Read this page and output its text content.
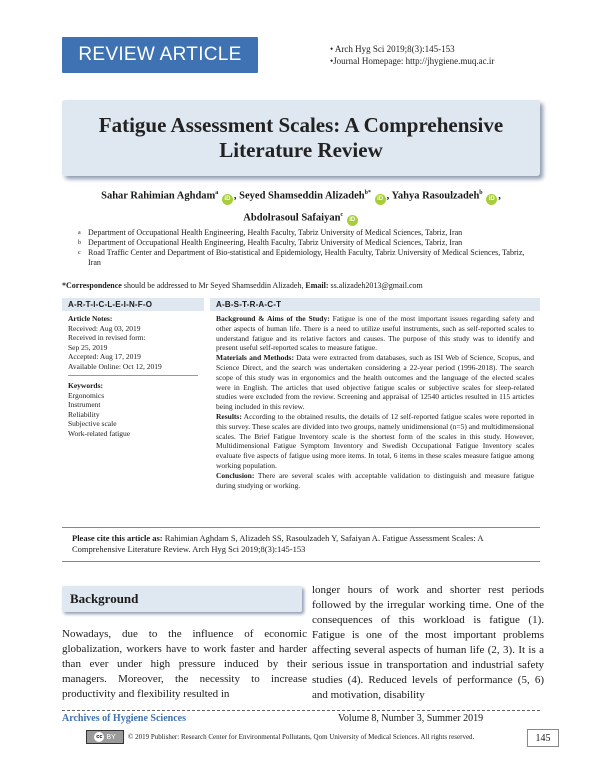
REVIEW ARTICLE	• Arch Hyg Sci 2019;8(3):145-153
•Journal Homepage: http://jhygiene.muq.ac.ir
Fatigue Assessment Scales: A Comprehensive Literature Review
Sahar Rahimian Aghdam$^a$ iD , Seyed Shamseddin Alizadeh$^{b*}$ iD , Yahya Rasoulzadeh$^b$ iD ,
Abdolrasoul Safaiyan$^c$ iD
a Department of Occupational Health Engineering, Health Faculty, Tabriz University of Medical Sciences, Tabriz, Iran
b Department of Occupational Health Engineering, Health Faculty, Tabriz University of Medical Sciences, Tabriz, Iran
c Road Traffic Center and Department of Bio-statistical and Epidemiology, Health Faculty, Tabriz University of Medical Sciences, Tabriz, Iran
*Correspondence should be addressed to Mr Seyed Shamseddin Alizadeh, Email: ss.alizadeh2013@gmail.com
A-R-T-I-C-L-E-I-N-F-O
Article Notes:
Received: Aug 03, 2019
Received in revised form:
Sep 25, 2019
Accepted: Aug 17, 2019
Available Online: Oct 12, 2019
Keywords:
Ergonomics
Instrument
Reliability
Subjective scale
Work-related fatigue
A-B-S-T-R-A-C-T

Background & Aims of the Study: Fatigue is one of the most important issues regarding safety and other aspects of human life. There is a need to utilize useful instruments, such as self-reported scales to understand fatigue and its relative factors and causes. The purpose of this study was to identify and present useful self-reported scales to measure fatigue.

Materials and Methods: Data were extracted from databases, such as ISI Web of Science, Scopus, and Science Direct, and the search was undertaken considering a 22-year period (1996-2018). The search scope of this study was in ergonomics and the health outcomes and the language of the elected scales were in English. The articles that used objective fatigue scales or subjective scales for sleep-related studies were excluded from the review. Screening and appraisal of 12540 articles resulted in 115 articles being included in this review.

Results: According to the obtained results, the details of 12 self-reported fatigue scales were reported in this survey. These scales are divided into two groups, namely unidimensional (n=5) and multidimensional scales. The Brief Fatigue Inventory scale is the shortest form of the scales in this study. However, Multidimensional Fatigue Symptom Inventory and Swedish Occupational Fatigue Inventory scales evaluate five aspects of fatigue using more items. In total, 6 items in these scales measure fatigue among working population.

Conclusion: There are several scales with acceptable validation to distinguish and measure fatigue during studying or working.

Please cite this article as: Rahimian Aghdam S, Alizadeh SS, Rasoulzadeh Y, Safaiyan A. Fatigue Assessment Scales: A Comprehensive Literature Review. Arch Hyg Sci 2019;8(3):145-153
Background
Nowadays, due to the influence of economic globalization, workers have to work faster and harder than ever under high pressure induced by their managers. Moreover, the necessity to increase productivity and flexibility resulted in
longer hours of work and shorter rest periods followed by the irregular working time. One of the consequences of this workload is fatigue (1). Fatigue is one of the most important problems affecting several aspects of human life (2, 3). It is a serious issue in transportation and industrial safety studies (4). Reduced levels of performance (5, 6) and motivation, disability
Archives of Hygiene Sciences	Volume 8, Number 3, Summer 2019
cc BY © 2019 Publisher: Research Center for Environmental Pollutants, Qom University of Medical Sciences. All rights reserved.	145
